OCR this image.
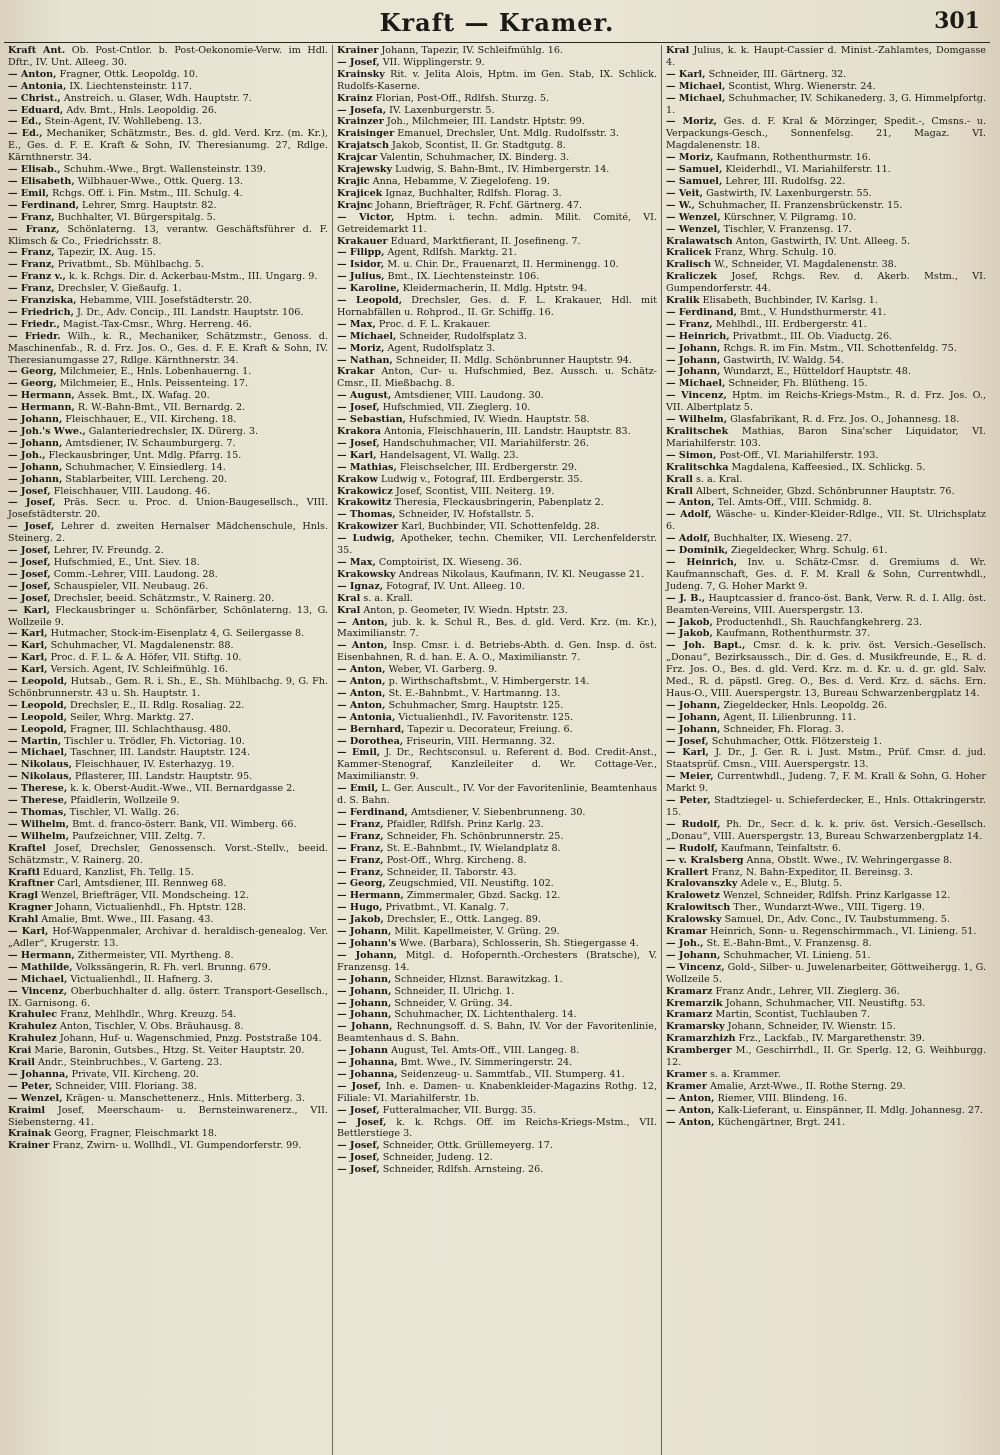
Kraft — Kramer.	301
Kraft Ant. Ob. Post-Cntlor. b. Post-Oekonomie-Verw. im Hdl. Dftr., IV. Unt. Alleeg. 30.
— Anton, Fragner, Ottk. Leopoldg. 10.
— Antonia, IX. Liechtensteinstr. 117.
— Christ., Anstreich. u. Glaser, Wdh. Hauptstr. 7.
— Eduard, Adv. Bmt., Hnls. Leopoldig. 26.
— Ed., Stein-Agent, IV. Wohllebeng. 13.
— Ed., Mechaniker, Schätzmstr., Bes. d. gld. Verd. Krz. (m. Kr.), E., Ges. d. F. E. Kraft & Sohn, IV. Theresianumg. 27, Rdlge. Kärnthnerstr. 34.
— Elisab., Schuhm.-Wwe., Brgt. Wallensteinstr. 139.
— Elisabeth, Wilbhauer-Wwe., Ottk. Querg. 13.
— Emil, Rchgs. Off. i. Fin. Mstm., III. Schulg. 4.
— Ferdinand, Lehrer, Smrg. Hauptstr. 82.
— Franz, Buchhalter, VI. Bürgerspitalg. 5.
— Franz, Schönlaterng. 13, verantw. Geschäftsführer d. F. Klimsch & Co., Friedrichsstr. 8.
— Franz, Tapezir, IX. Aug. 15.
— Franz, Privatbmt., Sb. Mühlbachg. 5.
— Franz v., k. k. Rchgs. Dir. d. Ackerbau-Mstm., III. Ungarg. 9.
— Franz, Drechsler, V. Gießaufg. 1.
— Franziska, Hebamme, VIII. Josefstädterstr. 20.
— Friedrich, J. Dr., Adv. Concip., III. Landstr. Hauptstr. 106.
— Friedr., Magist.-Tax-Cmsr., Whrg. Herreng. 46.
— Friedr. Wilh., k. R., Mechaniker, Schätzmstr., Genoss. d. Maschinenfab., R. d. Frz. Jos. O., Ges. d. F. E. Kraft & Sohn, IV. Theresianumgasse 27, Rdlge. Kärnthnerstr. 34.
— Georg, Milchmeier, E., Hnls. Lobenhauerng. 1.
— Georg, Milchmeier, E., Hnls. Peissenteing. 17.
— Hermann, Assek. Bmt., IX. Wafag. 20.
— Hermann, R. W.-Bahn-Bmt., VII. Bernardg. 2.
— Johann, Fleischhauer, E., VII. Kircheng. 18.
— Joh.'s Wwe., Galanteriedrechsler, IX. Dürerg. 3.
— Johann, Amtsdiener, IV. Schaumburgerg. 7.
— Joh., Fleckausbringer, Unt. Mdlg. Pfarrg. 15.
— Johann, Schuhmacher, V. Einsiedlerg. 14.
— Johann, Stablarbeiter, VIII. Lercheng. 20.
— Josef, Fleischhauer, VIII. Laudong. 46.
— Josef, Präs. Secr. u. Proc. d. Union-Baugesellsch., VIII. Josefstädterstr. 20.
— Josef, Lehrer d. zweiten Hernalser Mädchenschule, Hnls. Steinerg. 2.
— Josef, Lehrer, IV. Freundg. 2.
— Josef, Hufschmied, E., Unt. Siev. 18.
— Josef, Comm.-Lehrer, VIII. Laudong. 28.
— Josef, Schauspieler, VII. Neubaug. 26.
— Josef, Drechsler, beeid. Schätzmstr., V. Rainerg. 20.
— Karl, Fleckausbringer u. Schönfärber, Schönlaterng. 13, G. Wollzeile 9.
— Karl, Hutmacher, Stock-im-Eisenplatz 4, G. Seilergasse 8.
— Karl, Schuhmacher, VI. Magdalenenstr. 88.
— Karl, Proc. d. F. L. & A. Höfer, VII. Stiftg. 10.
— Karl, Versich. Agent, IV. Schleifmühlg. 16.
— Leopold, Hutsab., Gem. R. i. Sh., E., Sh. Mühlbachg. 9, G. Fh. Schönbrunnerstr. 43 u. Sh. Hauptstr. 1.
— Leopold, Drechsler, E., II. Rdlg. Rosaliag. 22.
— Leopold, Seiler, Whrg. Marktg. 27.
— Leopold, Fragner, III. Schlachthausg. 480.
— Martin, Tischler u. Trödler, Fh. Victoriag. 10.
— Michael, Taschner, III. Landstr. Hauptstr. 124.
— Nikolaus, Fleischhauer, IV. Esterhazyg. 19.
— Nikolaus, Pflasterer, III. Landstr. Hauptstr. 95.
— Therese, k. k. Oberst-Audit.-Wwe., VII. Bernardgasse 2.
— Therese, Pfaidlerin, Wollzeile 9.
— Thomas, Tischler, VI. Wallg. 26.
— Wilhelm, Bmt. d. franco-österr. Bank, VII. Wimberg. 66.
— Wilhelm, Paufzeichner, VIII. Zeltg. 7.
Kraftel Josef, Drechsler, Genossensch. Vorst.-Stellv., beeid. Schätzmstr., V. Rainerg. 20.
Kraftl Eduard, Kanzlist, Fh. Tellg. 15.
Kraftner Carl, Amtsdiener, III. Rennweg 68.
Kragl Wenzel, Briefträger, VII. Mondscheing. 12.
Kragner Johann, Victualienhdl., Fh. Hptstr. 128.
Krahl Amalie, Bmt. Wwe., III. Fasang. 43.
— Karl, Hof-Wappenmaler, Archivar d. heraldisch-genealog. Ver. „Adler“, Krugerstr. 13.
— Hermann, Zithermeister, VII. Myrtheng. 8.
— Mathilde, Volkssängerin, R. Fh. verl. Brunng. 679.
— Michael, Victualienhdl., II. Hafnerg. 3.
— Vincenz, Oberbuchhalter d. allg. österr. Transport-Gesellsch., IX. Garnisong. 6.
Krahulec Franz, Mehlhdlr., Whrg. Kreuzg. 54.
Krahulez Anton, Tischler, V. Obs. Bräuhausg. 8.
Krahulez Johann, Huf- u. Wagenschmied, Pnzg. Poststraße 104.
Krai Marie, Baronin, Gutsbes., Htzg. St. Veiter Hauptstr. 20.
Krail Andr., Steinbruchbes., V. Garteng. 23.
— Johanna, Private, VII. Kircheng. 20.
— Peter, Schneider, VIII. Floriang. 38.
— Wenzel, Krägen- u. Manschettenerz., Hnls. Mitterberg. 3.
Kraiml Josef, Meerschaum- u. Bernsteinwarenerz., VII. Siebensterng. 41.
Krainak Georg, Fragner, Fleischmarkt 18.
Krainer Franz, Zwirn- u. Wollhdl., VI. Gumpendorferstr. 99.
Krainer Johann, Tapezir, IV. Schleifmühlg. 16.
— Josef, VII. Wipplingerstr. 9.
Krainsky Rit. v. Jelita Alois, Hptm. im Gen. Stab, IX. Schlick. Rudolfs-Kaserne.
Krainz Florian, Post-Off., Rdlfsh. Sturzg. 5.
— Josefa, IV. Laxenburgerstr. 5.
Krainzer Joh., Milchmeier, III. Landstr. Hptstr. 99.
Kraisinger Emanuel, Drechsler, Unt. Mdlg. Rudolfsstr. 3.
Krajatsch Jakob, Scontist, II. Gr. Stadtgutg. 8.
Krajcar Valentin, Schuhmacher, IX. Binderg. 3.
Krajewsky Ludwig, S. Bahn-Bmt., IV. Himbergerstr. 14.
Krajic Anna, Hebamme, V. Ziegelofeng. 19.
Krajicek Ignaz, Buchhalter, Rdlfsh. Florag. 3.
Krajnc Johann, Briefträger, R. Fchf. Gärtnerg. 47.
— Victor, Hptm. i. techn. admin. Milit. Comité, VI. Getreidemarkt 11.
Krakauer Eduard, Marktfierant, II. Josefineng. 7.
— Filipp, Agent, Rdlfsh. Marktg. 21.
— Isidor, M. u. Chir. Dr., Frauenarzt, II. Herminengg. 10.
— Julius, Bmt., IX. Liechtensteinstr. 106.
— Karoline, Kleidermacherin, II. Mdlg. Hptstr. 94.
— Leopold, Drechsler, Ges. d. F. L. Krakauer, Hdl. mit Hornabfällen u. Rohprod., II. Gr. Schiffg. 16.
— Max, Proc. d. F. L. Krakauer.
— Michael, Schneider, Rudolfsplatz 3.
— Moriz, Agent, Rudolfsplatz 3.
— Nathan, Schneider, II. Mdlg. Schönbrunner Hauptstr. 94.
Krakar Anton, Cur- u. Hufschmied, Bez. Aussch. u. Schätz-Cmsr., II. Mießbachg. 8.
— August, Amtsdiener, VIII. Laudong. 30.
— Josef, Hufschmied, VII. Zieglerg. 10.
— Sebastian, Hufschmied, IV. Wiedn. Hauptstr. 58.
Krakora Antonia, Fleischhauerin, III. Landstr. Hauptstr. 83.
— Josef, Handschuhmacher, VII. Mariahilferstr. 26.
— Karl, Handelsagent, VI. Wallg. 23.
— Mathias, Fleischselcher, III. Erdbergerstr. 29.
Krakow Ludwig v., Fotograf, III. Erdbergerstr. 35.
Krakowicz Josef, Scontist, VIII. Neiterg. 19.
Krakowitz Theresia, Fleckausbringerin, Pabenplatz 2.
— Thomas, Schneider, IV. Hofstallstr. 5.
Krakowizer Karl, Buchbinder, VII. Schottenfeldg. 28.
— Ludwig, Apotheker, techn. Chemiker, VII. Lerchenfelderstr. 35.
— Max, Comptoirist, IX. Wieseng. 36.
Krakowsky Andreas Nikolaus, Kaufmann, IV. Kl. Neugasse 21.
— Ignaz, Fotograf, IV. Unt. Alleeg. 10.
Kral s. a. Krall.
Kral Anton, p. Geometer, IV. Wiedn. Hptstr. 23.
— Anton, jub. k. k. Schul R., Bes. d. gld. Verd. Krz. (m. Kr.), Maximilianstr. 7.
— Anton, Insp. Cmsr. i. d. Betriebs-Abth. d. Gen. Insp. d. öst. Eisenbahnen, R. d. han. E. A. O., Maximilianstr. 7.
— Anton, Weber, VI. Garberg. 9.
— Anton, p. Wirthschaftsbmt., V. Himbergerstr. 14.
— Anton, St. E.-Bahnbmt., V. Hartmanng. 13.
— Anton, Schuhmacher, Smrg. Hauptstr. 125.
— Antonia, Victualienhdl., IV. Favoritenstr. 125.
— Bernhard, Tapezir u. Decorateur, Freiung. 6.
— Dorothea, Friseurin, VIII. Hermanng. 32.
— Emil, J. Dr., Rechtsconsul. u. Referent d. Bod. Credit-Anst., Kammer-Stenograf, Kanzleileiter d. Wr. Cottage-Ver., Maximilianstr. 9.
— Emil, L. Ger. Auscult., IV. Vor der Favoritenlinie, Beamtenhaus d. S. Bahn.
— Ferdinand, Amtsdiener, V. Siebenbrunneng. 30.
— Franz, Pfaidler, Rdlfsh. Prinz Karlg. 23.
— Franz, Schneider, Fh. Schönbrunnerstr. 25.
— Franz, St. E.-Bahnbmt., IV. Wielandplatz 8.
— Franz, Post-Off., Whrg. Kircheng. 8.
— Franz, Schneider, II. Taborstr. 43.
— Georg, Zeugschmied, VII. Neustiftg. 102.
— Hermann, Zimmermaler, Gbzd. Sackg. 12.
— Hugo, Privatbmt., VI. Kanalg. 7.
— Jakob, Drechsler, E., Ottk. Langeg. 89.
— Johann, Milit. Kapellmeister, V. Grüng. 29.
— Johann's Wwe. (Barbara), Schlosserin, Sh. Stiegergasse 4.
— Johann, Mitgl. d. Hofopernth.-Orchesters (Bratsche), V. Franzensg. 14.
— Johann, Schneider, Hlznst. Barawitzkag. 1.
— Johann, Schneider, II. Ulrichg. 1.
— Johann, Schneider, V. Grüng. 34.
— Johann, Schuhmacher, IX. Lichtenthalerg. 14.
— Johann, Rechnungsoff. d. S. Bahn, IV. Vor der Favoritenlinie, Beamtenhaus d. S. Bahn.
— Johann August, Tel. Amts-Off., VIII. Langeg. 8.
— Johanna, Bmt. Wwe., IV. Simmeringerstr. 24.
— Johanna, Seidenzeug- u. Sammtfab., VII. Stumperg. 41.
— Josef, Inh. e. Damen- u. Knabenkleider-Magazins Rothg. 12, Filiale: VI. Mariahilferstr. 1b.
— Josef, Futteralmacher, VII. Burgg. 35.
— Josef, k. k. Rchgs. Off. im Reichs-Kriegs-Mstm., VII. Bettlerstiege 3.
— Josef, Schneider, Ottk. Grüllemeyerg. 17.
— Josef, Schneider, Judeng. 12.
— Josef, Schneider, Rdlfsh. Arnsteing. 26.
Kral Julius, k. k. Haupt-Cassier d. Minist.-Zahlamtes, Domgasse 4.
— Karl, Schneider, III. Gärtnerg. 32.
— Michael, Scontist, Whrg. Wienerstr. 24.
— Michael, Schuhmacher, IV. Schikanederg. 3, G. Himmelpfortg. 1.
— Moriz, Ges. d. F. Kral & Mörzinger, Spedit.-, Cmsns.- u. Verpackungs-Gesch., Sonnenfelsg. 21, Magaz. VI. Magdalenenstr. 18.
— Moriz, Kaufmann, Rothenthurmstr. 16.
— Samuel, Kleiderhdl., VI. Mariahilferstr. 11.
— Samuel, Lehrer, III. Rudolfsg. 22.
— Veit, Gastwirth, IV. Laxenburgerstr. 55.
— W., Schuhmacher, II. Franzensbrückenstr. 15.
— Wenzel, Kürschner, V. Pilgramg. 10.
— Wenzel, Tischler, V. Franzensg. 17.
Kralawatsch Anton, Gastwirth, IV. Unt. Alleeg. 5.
Kralicek Franz, Whrg. Schulg. 10.
Kralisch W., Schneider, VI. Magdalenenstr. 38.
Kraliczek Josef, Rchgs. Rev. d. Akerb. Mstm., VI. Gumpendorferstr. 44.
Kralik Elisabeth, Buchbinder, IV. Karlsg. 1.
— Ferdinand, Bmt., V. Hundsthurmerstr. 41.
— Franz, Mehlhdl., III. Erdbergerstr. 41.
— Heinrich, Privatbmt., III. Ob. Viaductg. 26.
— Johann, Rchgs. R. im Fin. Mstm., VII. Schottenfeldg. 75.
— Johann, Gastwirth, IV. Waldg. 54.
— Johann, Wundarzt, E., Hütteldorf Hauptstr. 48.
— Michael, Schneider, Fh. Blütheng. 15.
— Vincenz, Hptm. im Reichs-Kriegs-Mstm., R. d. Frz. Jos. O., VII. Albertplatz 5.
— Wilhelm, Glasfabrikant, R. d. Frz. Jos. O., Johannesg. 18.
Kralitschek Mathias, Baron Sina'scher Liquidator, VI. Mariahilferstr. 103.
— Simon, Post-Off., VI. Mariahilferstr. 193.
Kralitschka Magdalena, Kaffeesied., IX. Schlickg. 5.
Krall s. a. Kral.
Krall Albert, Schneider, Gbzd. Schönbrunner Hauptstr. 76.
— Anton, Tel. Amts-Off., VIII. Schmidg. 8.
— Adolf, Wäsche- u. Kinder-Kleider-Rdlge., VII. St. Ulrichsplatz 6.
— Adolf, Buchhalter, IX. Wieseng. 27.
— Dominik, Ziegeldecker, Whrg. Schulg. 61.
— Heinrich, Inv. u. Schätz-Cmsr. d. Gremiums d. Wr. Kaufmannschaft, Ges. d. F. M. Krall & Sohn, Currentwhdl., Judeng. 7, G. Hoher Markt 9.
— J. B., Hauptcassier d. franco-öst. Bank, Verw. R. d. I. Allg. öst. Beamten-Vereins, VIII. Auerspergstr. 13.
— Jakob, Productenhdl., Sh. Rauchfangkehrerg. 23.
— Jakob, Kaufmann, Rothenthurmstr. 37.
— Joh. Bapt., Cmsr. d. k. k. priv. öst. Versich.-Gesellsch. „Donau“, Bezirksaussch., Dir. d. Ges. d. Musikfreunde, E., R. d. Frz. Jos. O., Bes. d. gld. Verd. Krz. m. d. Kr. u. d. gr. gld. Salv. Med., R. d. päpstl. Greg. O., Bes. d. Verd. Krz. d. sächs. Ern. Haus-O., VIII. Auerspergstr. 13, Bureau Schwarzenbergplatz 14.
— Johann, Ziegeldecker, Hnls. Leopoldg. 26.
— Johann, Agent, II. Lilienbrunng. 11.
— Johann, Schneider, Fh. Florag. 3.
— Josef, Schuhmacher, Ottk. Flötzersteig 1.
— Karl, J. Dr., J. Ger. R. i. Just. Mstm., Prüf. Cmsr. d. jud. Staatsprüf. Cmsn., VIII. Auerspergstr. 13.
— Meier, Currentwhdl., Judeng. 7, F. M. Krall & Sohn, G. Hoher Markt 9.
— Peter, Stadtziegel- u. Schieferdecker, E., Hnls. Ottakringerstr. 15.
— Rudolf, Ph. Dr., Secr. d. k. k. priv. öst. Versich.-Gesellsch. „Donau“, VIII. Auerspergstr. 13, Bureau Schwarzenbergplatz 14.
— Rudolf, Kaufmann, Teinfaltstr. 6.
— v. Kralsberg Anna, Obstlt. Wwe., IV. Wehringergasse 8.
Krallert Franz, N. Bahn-Expeditor, II. Bereinsg. 3.
Kralovanszky Adele v., E., Blutg. 5.
Kralowetz Wenzel, Schneider, Rdlfsh. Prinz Karlgasse 12.
Kralowitsch Ther., Wundarzt-Wwe., VIII. Tigerg. 19.
Kralowsky Samuel, Dr., Adv. Conc., IV. Taubstummeng. 5.
Kramar Heinrich, Sonn- u. Regenschirmmach., VI. Linieng. 51.
— Joh., St. E.-Bahn-Bmt., V. Franzensg. 8.
— Johann, Schuhmacher, VI. Linieng. 51.
— Vincenz, Gold-, Silber- u. Juwelenarbeiter, Göttweihergg. 1, G. Wollzeile 5.
Kramarz Franz Andr., Lehrer, VII. Zieglerg. 36.
Kremarzik Johann, Schuhmacher, VII. Neustiftg. 53.
Kramarz Martin, Scontist, Tuchlauben 7.
Kramarsky Johann, Schneider, IV. Wienstr. 15.
Kramarzhizh Frz., Lackfab., IV. Margarethenstr. 39.
Kramberger M., Geschirrhdl., II. Gr. Sperlg. 12, G. Weihburgg. 12.
Kramer s. a. Krammer.
Kramer Amalie, Arzt-Wwe., II. Rothe Sterng. 29.
— Anton, Riemer, VIII. Blindeng. 16.
— Anton, Kalk-Lieferant, u. Einspänner, II. Mdlg. Johannesg. 27.
— Anton, Küchengärtner, Brgt. 241.
